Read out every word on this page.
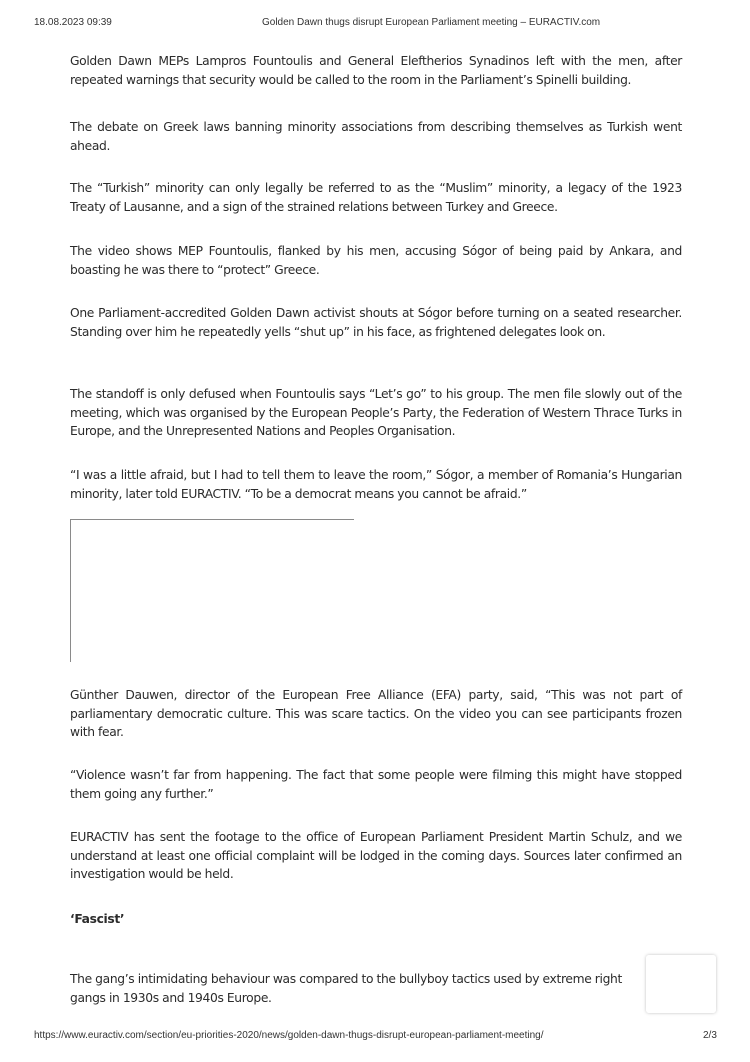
18.08.2023 09:39	Golden Dawn thugs disrupt European Parliament meeting – EURACTIV.com

Golden Dawn MEPs Lampros Fountoulis and General Eleftherios Synadinos left with the men, after repeated warnings that security would be called to the room in the Parliament’s Spinelli building.

The debate on Greek laws banning minority associations from describing themselves as Turkish went ahead.

The “Turkish” minority can only legally be referred to as the “Muslim” minority, a legacy of the 1923 Treaty of Lausanne, and a sign of the strained relations between Turkey and Greece.

The video shows MEP Fountoulis, flanked by his men, accusing Sógor of being paid by Ankara, and boasting he was there to “protect” Greece.

One Parliament-accredited Golden Dawn activist shouts at Sógor before turning on a seated researcher. Standing over him he repeatedly yells “shut up” in his face, as frightened delegates look on.

The standoff is only defused when Fountoulis says “Let’s go” to his group. The men file slowly out of the meeting, which was organised by the European People’s Party, the Federation of Western Thrace Turks in Europe, and the Unrepresented Nations and Peoples Organisation.

“I was a little afraid, but I had to tell them to leave the room,” Sógor, a member of Romania’s Hungarian minority, later told EURACTIV. “To be a democrat means you cannot be afraid.”

Günther Dauwen, director of the European Free Alliance (EFA) party, said, “This was not part of parliamentary democratic culture. This was scare tactics. On the video you can see participants frozen with fear.

“Violence wasn’t far from happening. The fact that some people were filming this might have stopped them going any further.”

EURACTIV has sent the footage to the office of European Parliament President Martin Schulz, and we understand at least one official complaint will be lodged in the coming days. Sources later confirmed an investigation would be held.

‘Fascist’

The gang’s intimidating behaviour was compared to the bullyboy tactics used by extreme right gangs in 1930s and 1940s Europe.

https://www.euractiv.com/section/eu-priorities-2020/news/golden-dawn-thugs-disrupt-european-parliament-meeting/	2/3
